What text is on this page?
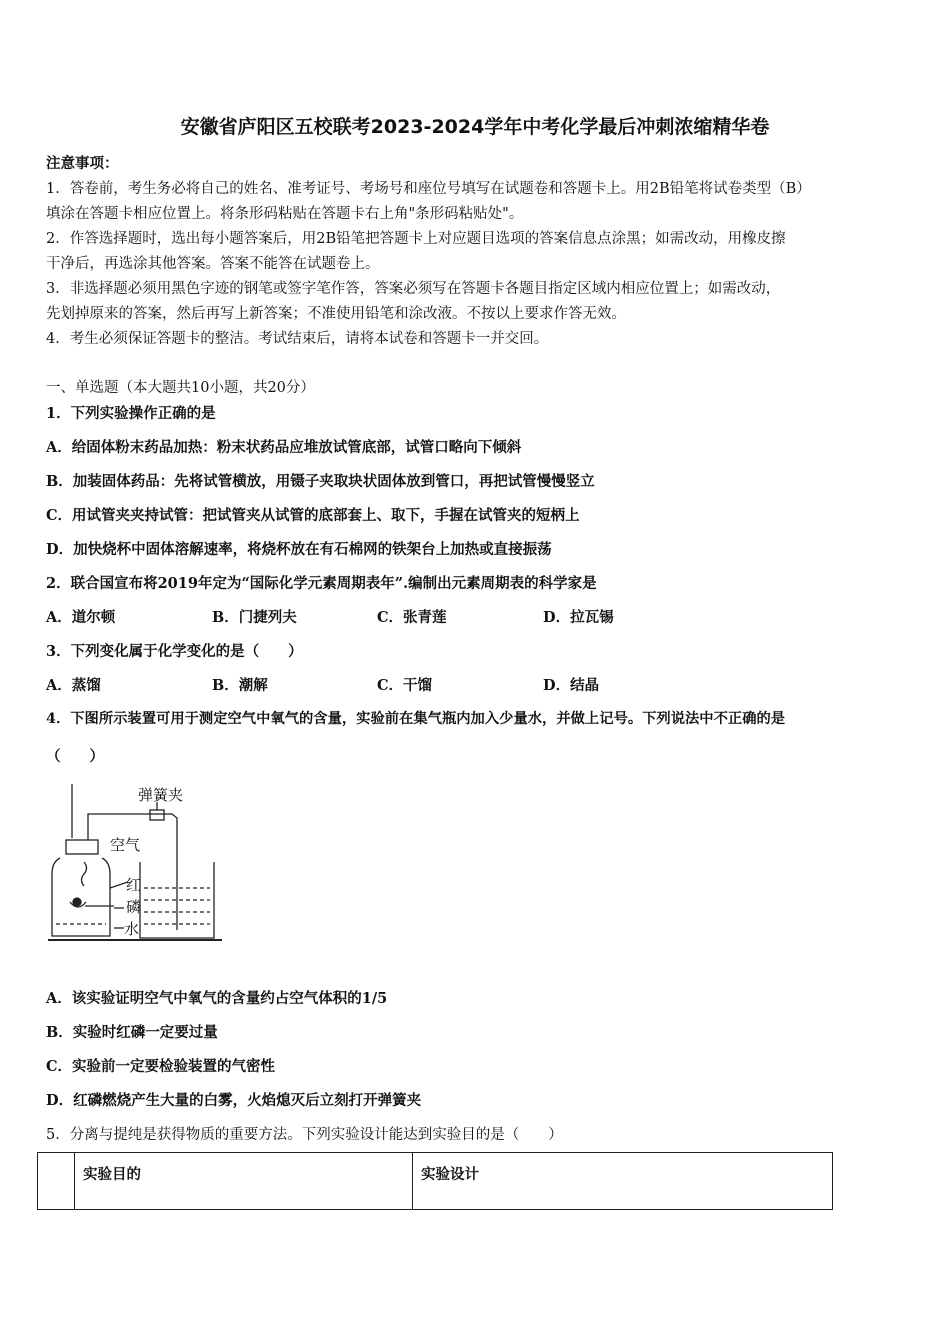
安徽省庐阳区五校联考2023-2024学年中考化学最后冲刺浓缩精华卷
注意事项：
1．答卷前，考生务必将自己的姓名、准考证号、考场号和座位号填写在试题卷和答题卡上。用2B铅笔将试卷类型（B）
填涂在答题卡相应位置上。将条形码粘贴在答题卡右上角"条形码粘贴处"。
2．作答选择题时，选出每小题答案后，用2B铅笔把答题卡上对应题目选项的答案信息点涂黑；如需改动，用橡皮擦
干净后，再选涂其他答案。答案不能答在试题卷上。
3．非选择题必须用黑色字迹的钢笔或签字笔作答，答案必须写在答题卡各题目指定区域内相应位置上；如需改动，
先划掉原来的答案，然后再写上新答案；不准使用铅笔和涂改液。不按以上要求作答无效。
4．考生必须保证答题卡的整洁。考试结束后，请将本试卷和答题卡一并交回。
一、单选题（本大题共10小题，共20分）
1．下列实验操作正确的是
A．给固体粉末药品加热：粉末状药品应堆放试管底部，试管口略向下倾斜
B．加装固体药品：先将试管横放，用镊子夹取块状固体放到管口，再把试管慢慢竖立
C．用试管夹夹持试管：把试管夹从试管的底部套上、取下，手握在试管夹的短柄上
D．加快烧杯中固体溶解速率，将烧杯放在有石棉网的铁架台上加热或直接振荡
2．联合国宣布将2019年定为“国际化学元素周期表年”.编制出元素周期表的科学家是
A．道尔顿	B．门捷列夫	C．张青莲	D．拉瓦锡
3．下列变化属于化学变化的是（　　）
A．蒸馏	B．潮解	C．干馏	D．结晶
4．下图所示装置可用于测定空气中氧气的含量，实验前在集气瓶内加入少量水，并做上记号。下列说法中不正确的是
（　　）
弹簧夹
空气
红
磷
水
A．该实验证明空气中氧气的含量约占空气体积的1/5
B．实验时红磷一定要过量
C．实验前一定要检验装置的气密性
D．红磷燃烧产生大量的白雾，火焰熄灭后立刻打开弹簧夹
5．分离与提纯是获得物质的重要方法。下列实验设计能达到实验目的是（　　）
	实验目的	实验设计
